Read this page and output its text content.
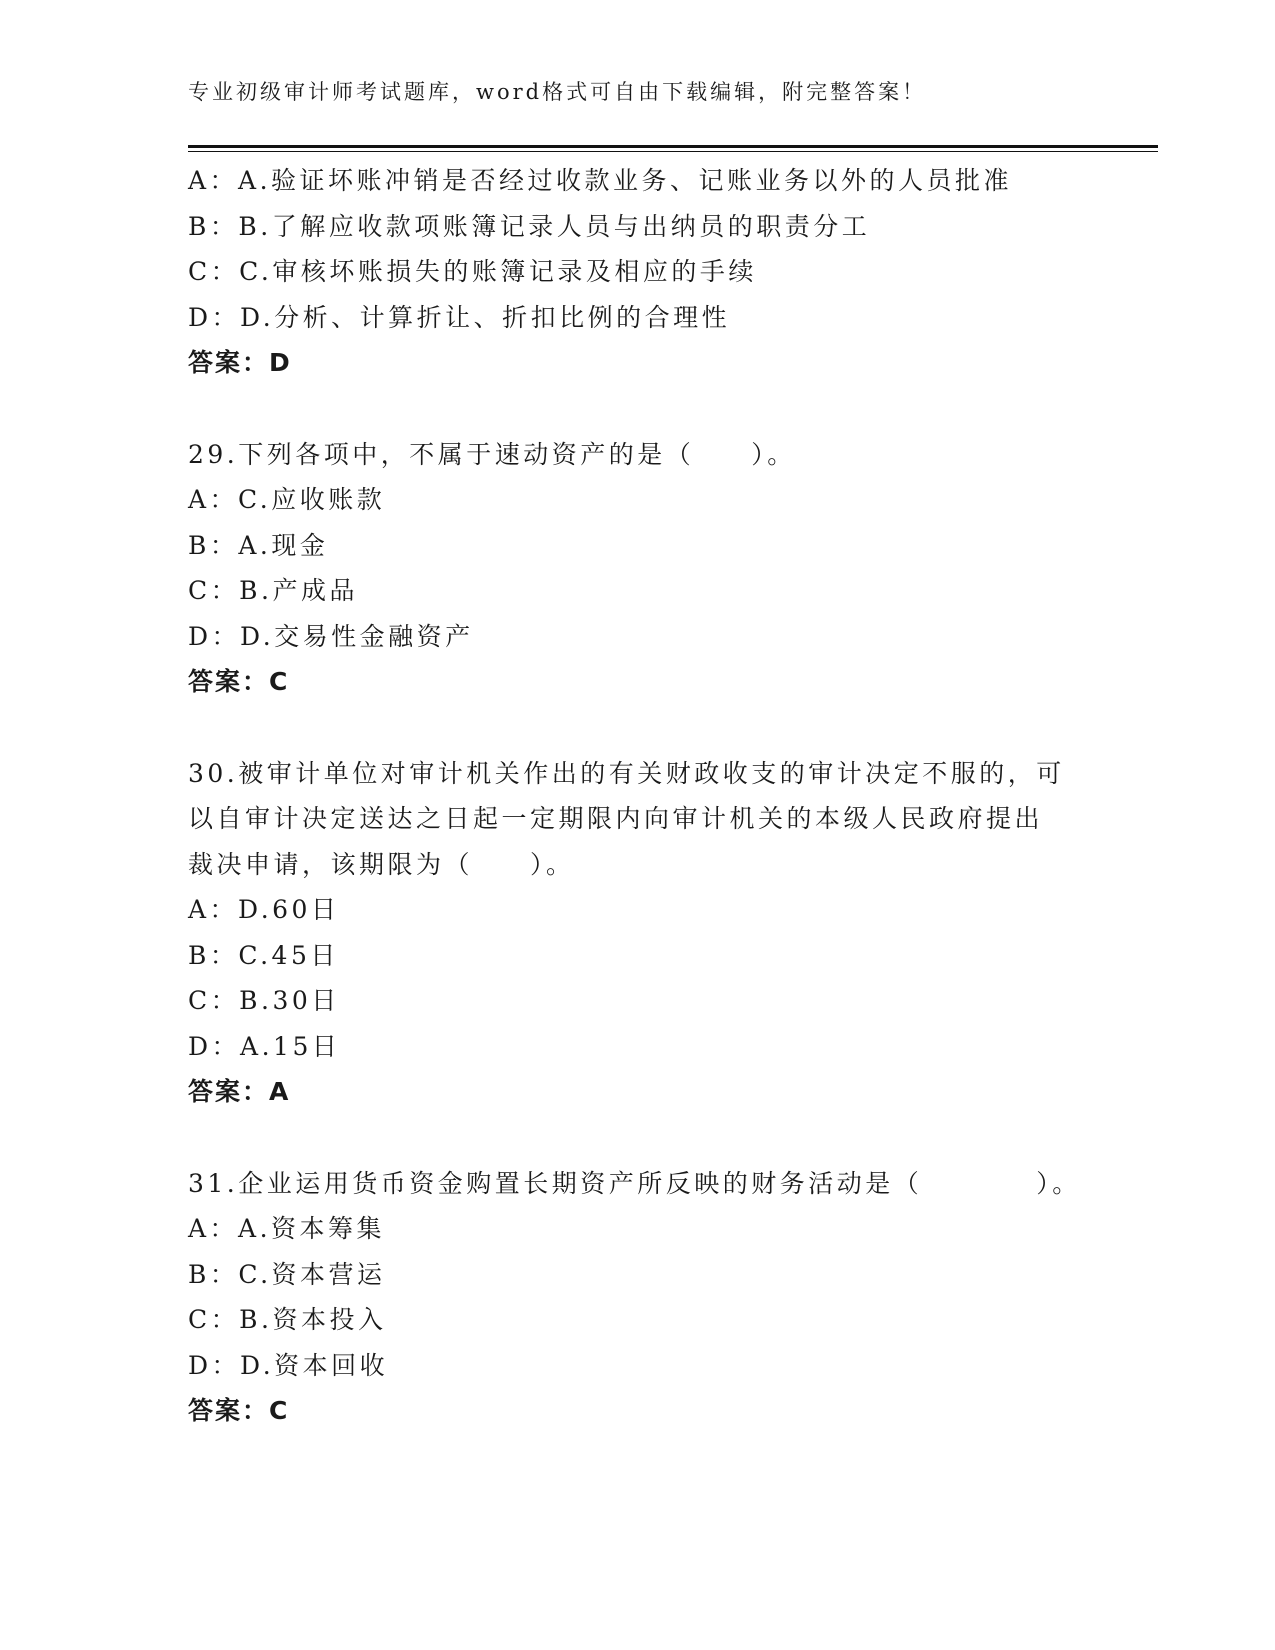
专业初级审计师考试题库，word格式可自由下载编辑，附完整答案！
A：A.验证坏账冲销是否经过收款业务、记账业务以外的人员批准
B：B.了解应收款项账簿记录人员与出纳员的职责分工
C：C.审核坏账损失的账簿记录及相应的手续
D：D.分析、计算折让、折扣比例的合理性
答案：D
29.下列各项中，不属于速动资产的是（　　）。
A：C.应收账款
B：A.现金
C：B.产成品
D：D.交易性金融资产
答案：C
30.被审计单位对审计机关作出的有关财政收支的审计决定不服的，可
以自审计决定送达之日起一定期限内向审计机关的本级人民政府提出
裁决申请，该期限为（　　）。
A：D.60日
B：C.45日
C：B.30日
D：A.15日
答案：A
31.企业运用货币资金购置长期资产所反映的财务活动是（　　　　）。
A：A.资本筹集
B：C.资本营运
C：B.资本投入
D：D.资本回收
答案：C
